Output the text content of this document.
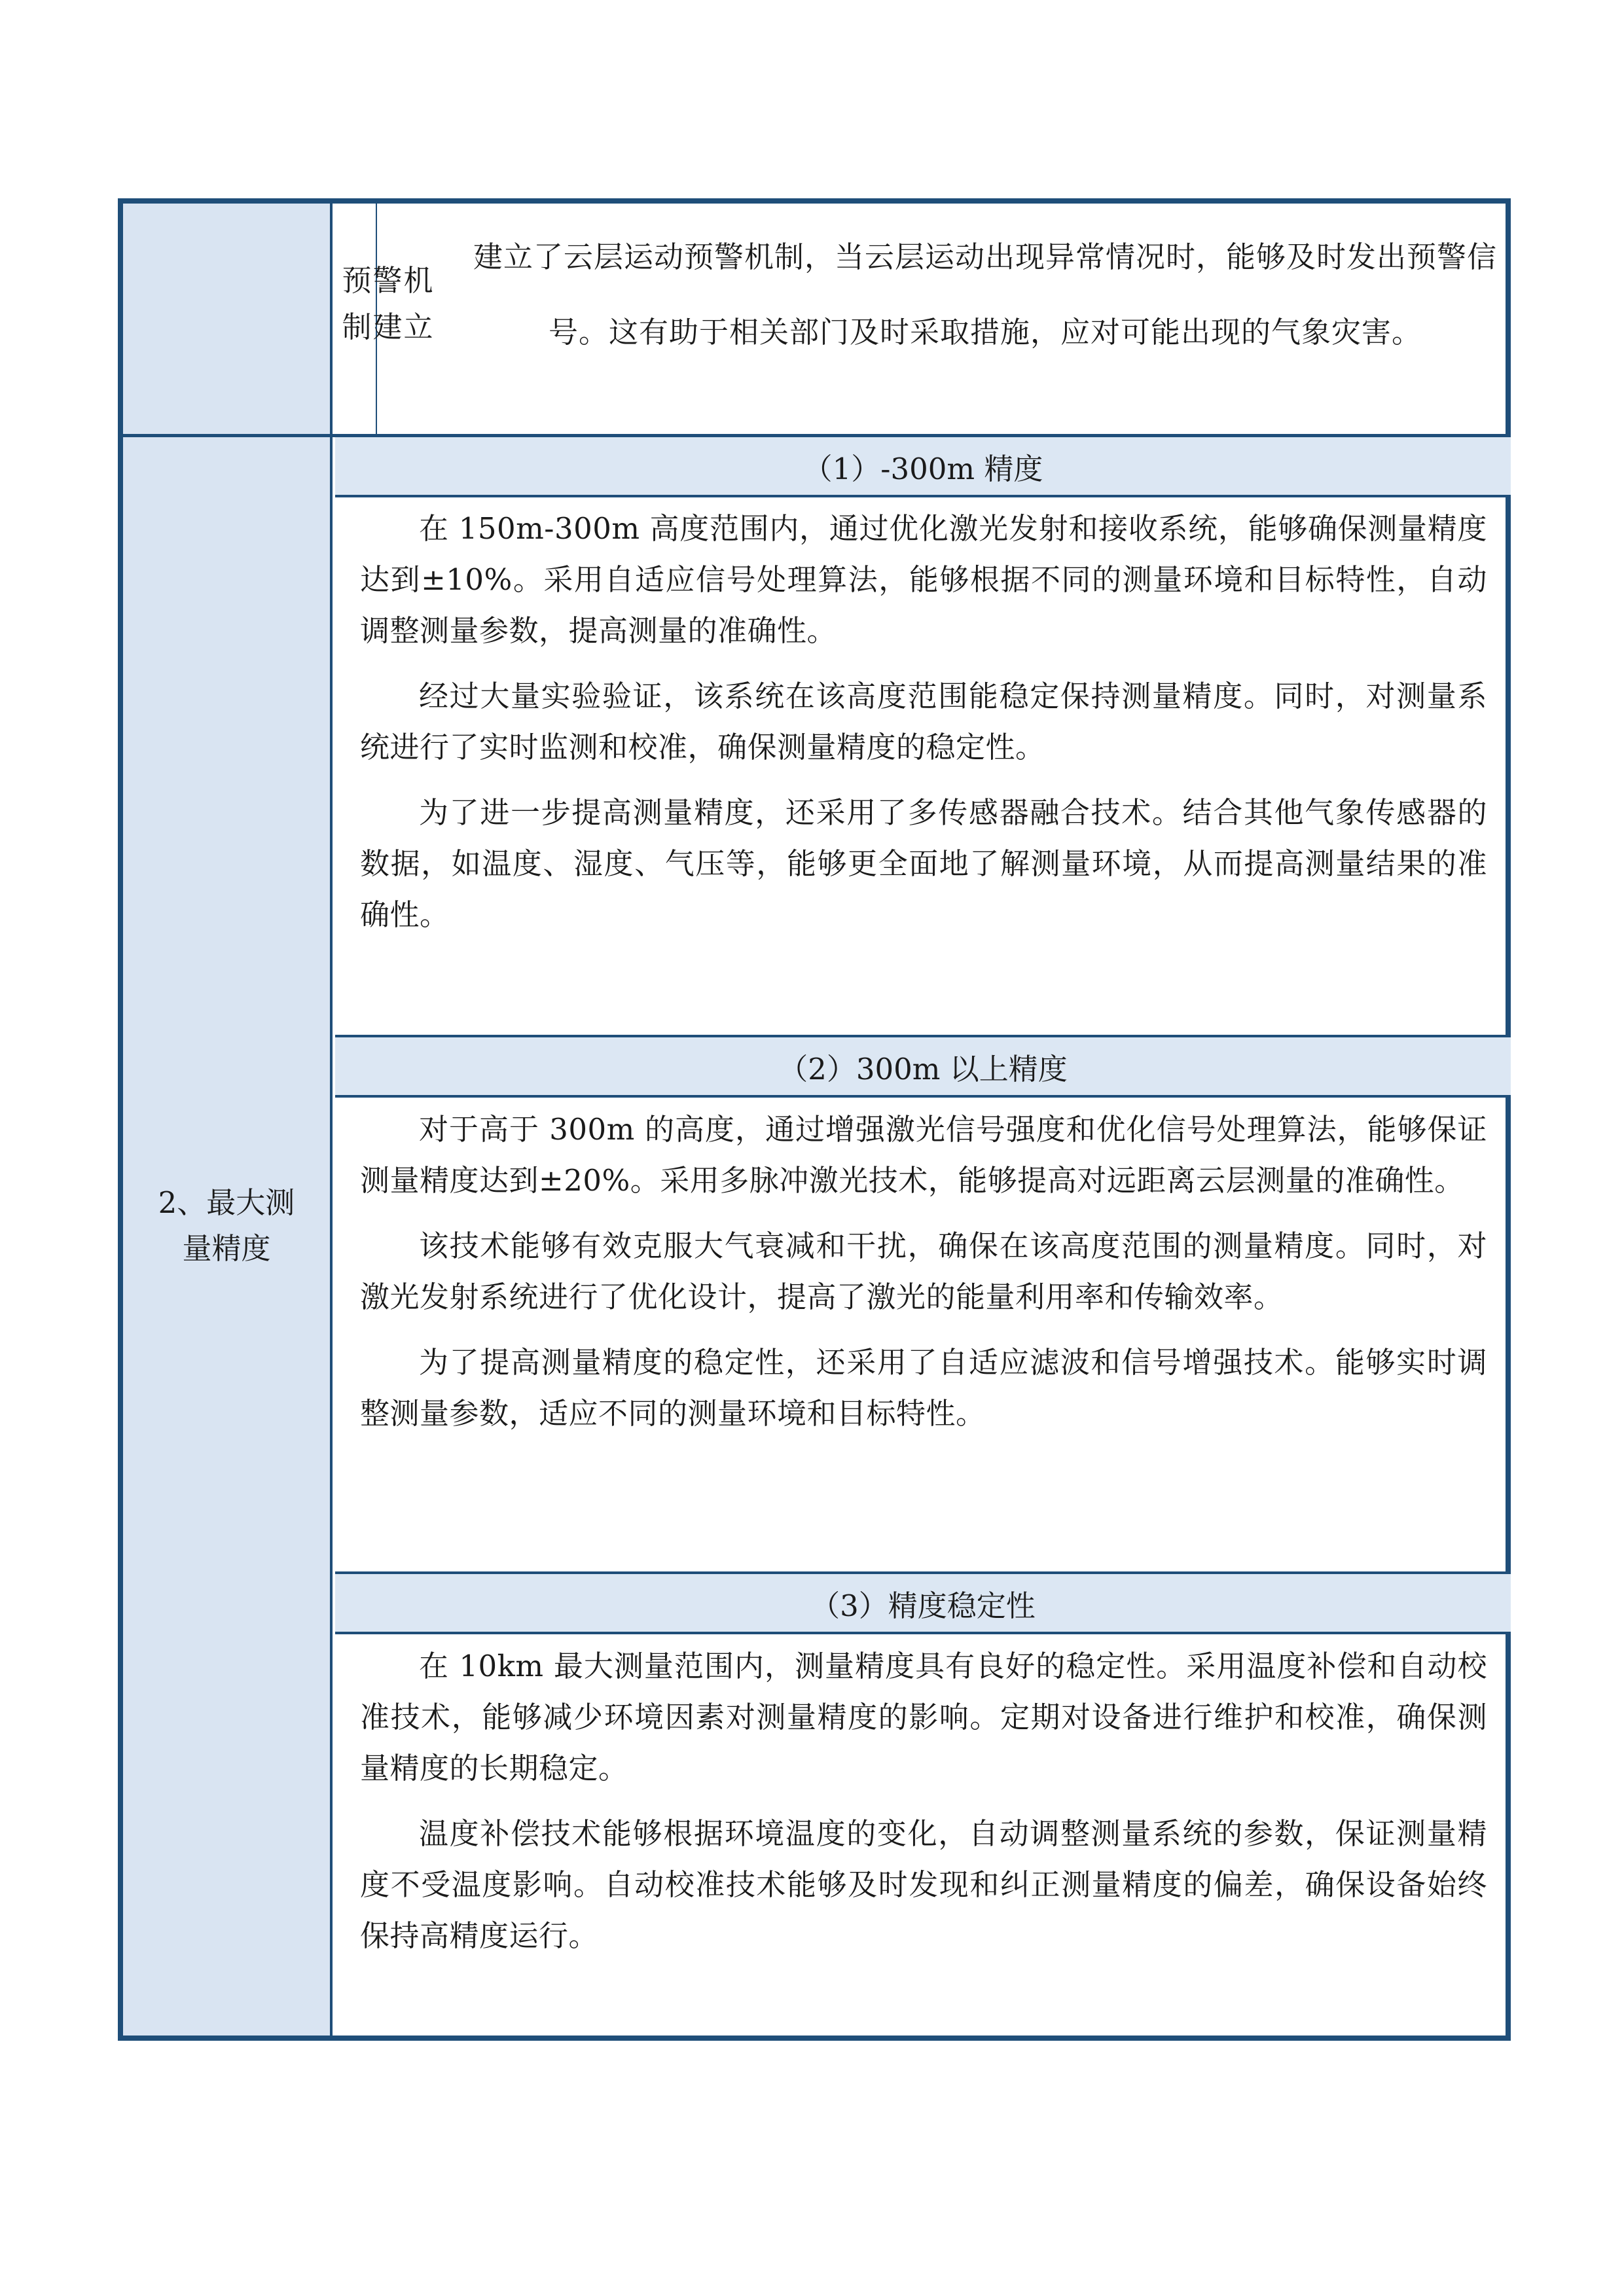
预警机制建立
建立了云层运动预警机制，当云层运动出现异常情况时，能够及时发出预警信号。这有助于相关部门及时采取措施，应对可能出现的气象灾害。
2、最大测量精度
（1）-300m 精度

在 150m-300m 高度范围内，通过优化激光发射和接收系统，能够确保测量精度达到±10%。采用自适应信号处理算法，能够根据不同的测量环境和目标特性，自动调整测量参数，提高测量的准确性。

经过大量实验验证，该系统在该高度范围能稳定保持测量精度。同时，对测量系统进行了实时监测和校准，确保测量精度的稳定性。

为了进一步提高测量精度，还采用了多传感器融合技术。结合其他气象传感器的数据，如温度、湿度、气压等，能够更全面地了解测量环境，从而提高测量结果的准确性。

（2）300m 以上精度

对于高于 300m 的高度，通过增强激光信号强度和优化信号处理算法，能够保证测量精度达到±20%。采用多脉冲激光技术，能够提高对远距离云层测量的准确性。

该技术能够有效克服大气衰减和干扰，确保在该高度范围的测量精度。同时，对激光发射系统进行了优化设计，提高了激光的能量利用率和传输效率。

为了提高测量精度的稳定性，还采用了自适应滤波和信号增强技术。能够实时调整测量参数，适应不同的测量环境和目标特性。

（3）精度稳定性

在 10km 最大测量范围内，测量精度具有良好的稳定性。采用温度补偿和自动校准技术，能够减少环境因素对测量精度的影响。定期对设备进行维护和校准，确保测量精度的长期稳定。

温度补偿技术能够根据环境温度的变化，自动调整测量系统的参数，保证测量精度不受温度影响。自动校准技术能够及时发现和纠正测量精度的偏差，确保设备始终保持高精度运行。
